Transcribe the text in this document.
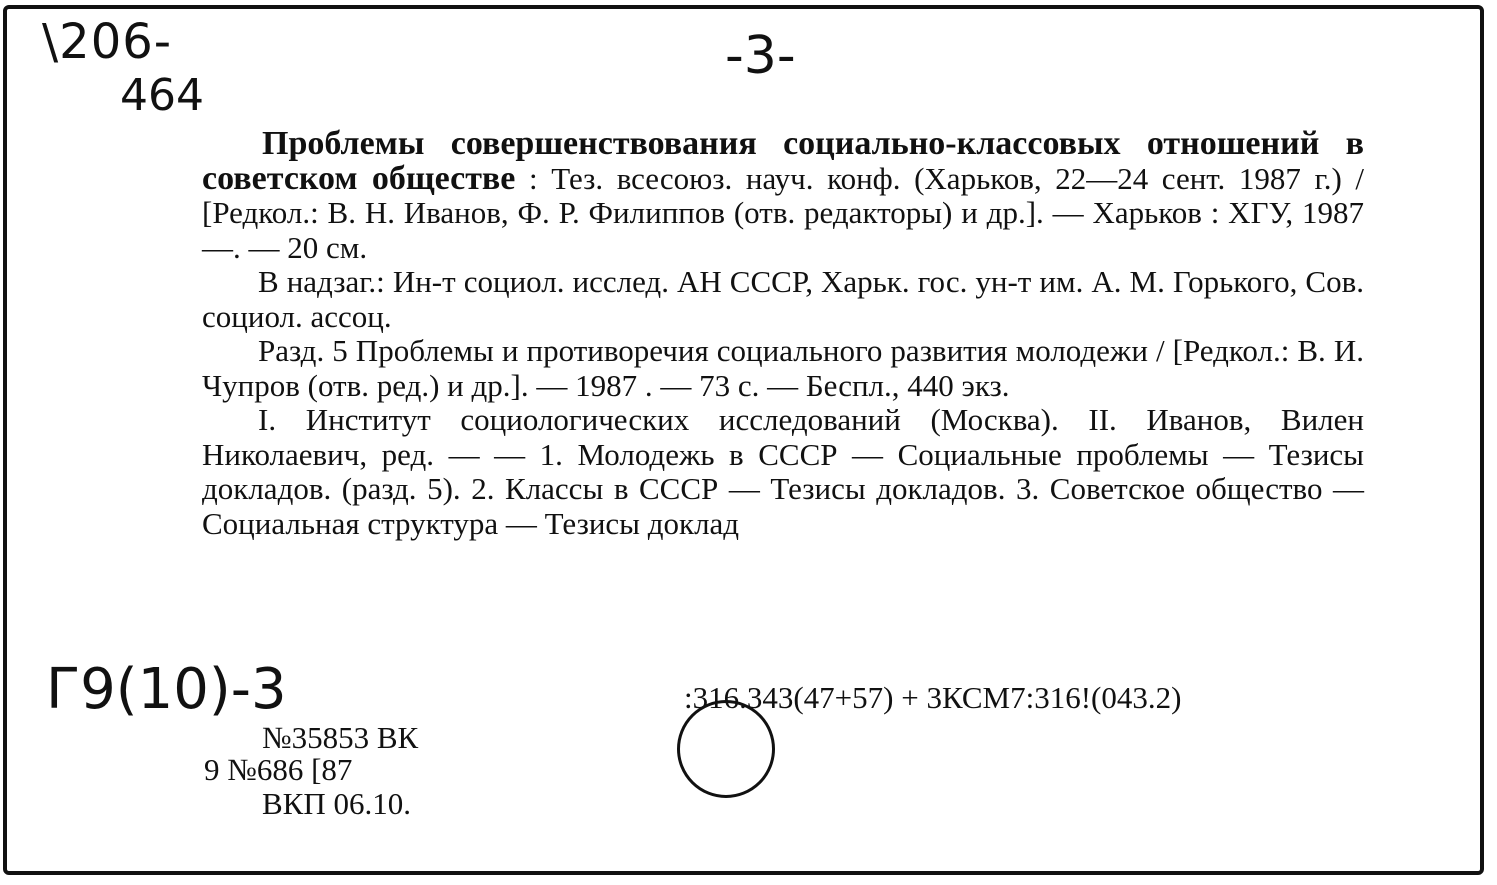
\206-
464
-3-

Проблемы совершенствования социально-классовых отношений в советском обществе : Тез. всесоюз. науч. конф. (Харьков, 22—24 сент. 1987 г.) / [Редкол.: В. Н. Иванов, Ф. Р. Филиппов (отв. редакторы) и др.]. — Харьков : ХГУ, 1987—. — 20 см.

В надзаг.: Ин-т социол. исслед. АН СССР, Харьк. гос. ун-т им. А. М. Горького, Сов. социол. ассоц.

Разд. 5 Проблемы и противоречия социального развития молодежи / [Редкол.: В. И. Чупров (отв. ред.) и др.]. — 1987 . — 73 с. — Беспл., 440 экз.

I. Институт социологических исследований (Москва). II. Иванов, Вилен Николаевич, ред. — — 1. Молодежь в СССР — Социальные проблемы — Тезисы докладов. (разд. 5). 2. Классы в СССР — Тезисы докладов. 3. Советское общество — Социальная структура — Тезисы доклад

Г9(10)-3	:316.343(47+57) + 3КСМ7:316!(043.2)
№35853 ВК
9 №686 [87
ВКП 06.10.
